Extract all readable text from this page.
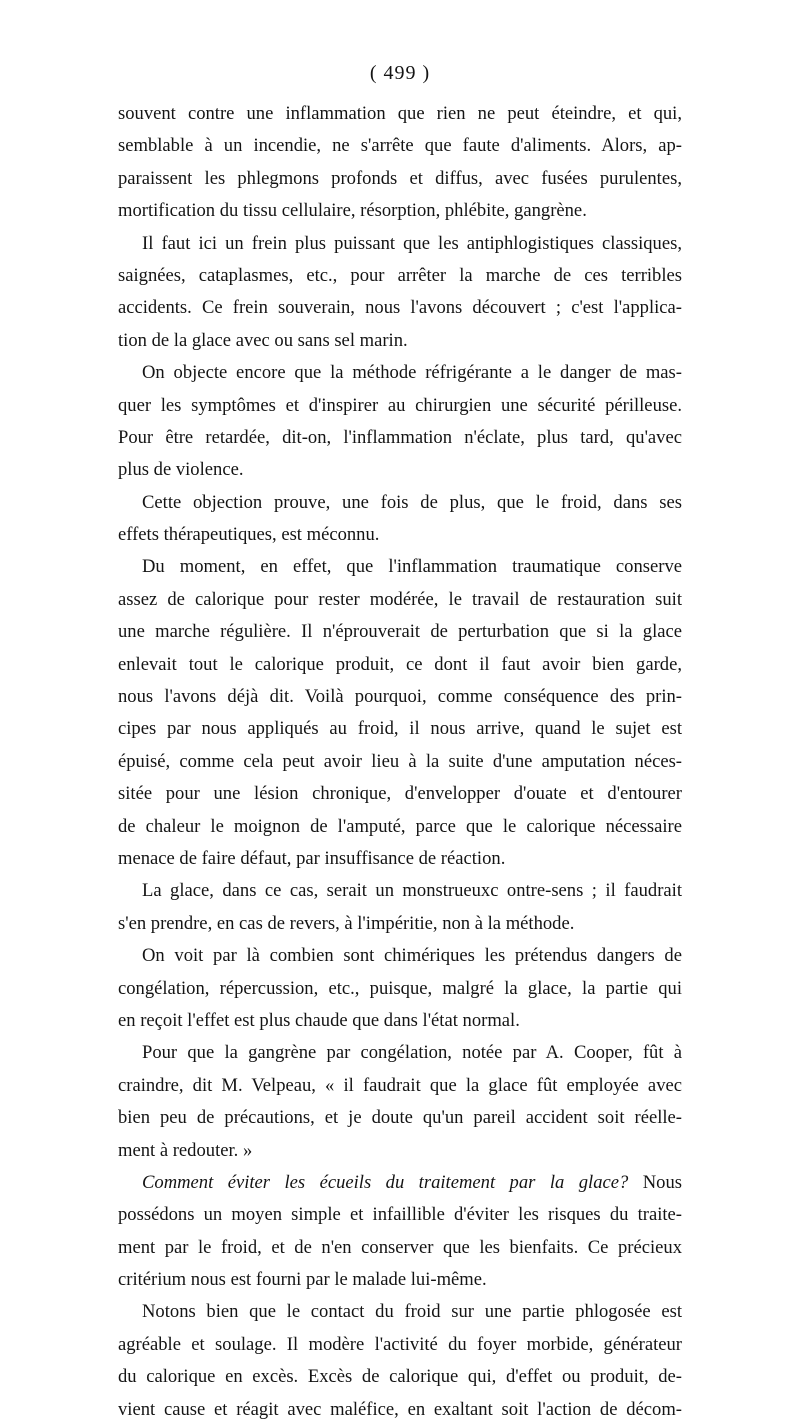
( 499 )
souvent contre une inflammation que rien ne peut éteindre, et qui,
semblable à un incendie, ne s'arrête que faute d'aliments. Alors, ap-
paraissent les phlegmons profonds et diffus, avec fusées purulentes,
mortification du tissu cellulaire, résorption, phlébite, gangrène.
Il faut ici un frein plus puissant que les antiphlogistiques classiques,
saignées, cataplasmes, etc., pour arrêter la marche de ces terribles
accidents. Ce frein souverain, nous l'avons découvert ; c'est l'applica-
tion de la glace avec ou sans sel marin.
On objecte encore que la méthode réfrigérante a le danger de mas-
quer les symptômes et d'inspirer au chirurgien une sécurité périlleuse.
Pour être retardée, dit-on, l'inflammation n'éclate, plus tard, qu'avec
plus de violence.
Cette objection prouve, une fois de plus, que le froid, dans ses
effets thérapeutiques, est méconnu.
Du moment, en effet, que l'inflammation traumatique conserve
assez de calorique pour rester modérée, le travail de restauration suit
une marche régulière. Il n'éprouverait de perturbation que si la glace
enlevait tout le calorique produit, ce dont il faut avoir bien garde,
nous l'avons déjà dit. Voilà pourquoi, comme conséquence des prin-
cipes par nous appliqués au froid, il nous arrive, quand le sujet est
épuisé, comme cela peut avoir lieu à la suite d'une amputation néces-
sitée pour une lésion chronique, d'envelopper d'ouate et d'entourer
de chaleur le moignon de l'amputé, parce que le calorique nécessaire
menace de faire défaut, par insuffisance de réaction.
La glace, dans ce cas, serait un monstrueuxc ontre-sens ; il faudrait
s'en prendre, en cas de revers, à l'impéritie, non à la méthode.
On voit par là combien sont chimériques les prétendus dangers de
congélation, répercussion, etc., puisque, malgré la glace, la partie qui
en reçoit l'effet est plus chaude que dans l'état normal.
Pour que la gangrène par congélation, notée par A. Cooper, fût à
craindre, dit M. Velpeau, « il faudrait que la glace fût employée avec
bien peu de précautions, et je doute qu'un pareil accident soit réelle-
ment à redouter. »
Comment éviter les écueils du traitement par la glace? Nous
possédons un moyen simple et infaillible d'éviter les risques du traite-
ment par le froid, et de n'en conserver que les bienfaits. Ce précieux
critérium nous est fourni par le malade lui-même.
Notons bien que le contact du froid sur une partie phlogosée est
agréable et soulage. Il modère l'activité du foyer morbide, générateur
du calorique en excès. Excès de calorique qui, d'effet ou produit, de-
vient cause et réagit avec maléfice, en exaltant soit l'action de décom-
